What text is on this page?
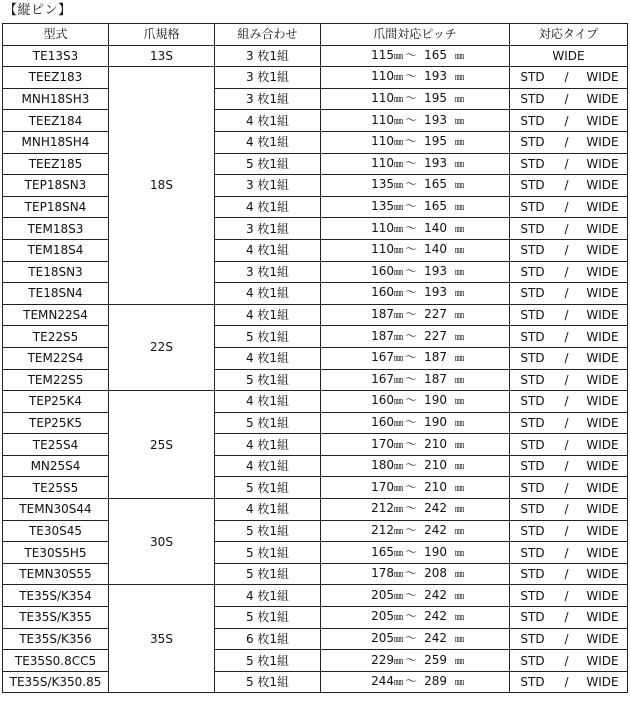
【縦ピン】
型式	爪規格	組み合わせ	爪間対応ピッチ	対応タイプ
TE13S3	13S	3 枚1組	115㎜ ～ 165 ㎜	WIDE
TEEZ183	18S	3 枚1組	110㎜ ～ 193 ㎜	STD / WIDE
MNH18SH3		3 枚1組	110㎜ ～ 195 ㎜	STD / WIDE
TEEZ184		4 枚1組	110㎜ ～ 193 ㎜	STD / WIDE
MNH18SH4		4 枚1組	110㎜ ～ 195 ㎜	STD / WIDE
TEEZ185		5 枚1組	110㎜ ～ 193 ㎜	STD / WIDE
TEP18SN3		3 枚1組	135㎜ ～ 165 ㎜	STD / WIDE
TEP18SN4		4 枚1組	135㎜ ～ 165 ㎜	STD / WIDE
TEM18S3		3 枚1組	110㎜ ～ 140 ㎜	STD / WIDE
TEM18S4		4 枚1組	110㎜ ～ 140 ㎜	STD / WIDE
TE18SN3		3 枚1組	160㎜ ～ 193 ㎜	STD / WIDE
TE18SN4		4 枚1組	160㎜ ～ 193 ㎜	STD / WIDE
TEMN22S4	22S	4 枚1組	187㎜ ～ 227 ㎜	STD / WIDE
TE22S5		5 枚1組	187㎜ ～ 227 ㎜	STD / WIDE
TEM22S4		4 枚1組	167㎜ ～ 187 ㎜	STD / WIDE
TEM22S5		5 枚1組	167㎜ ～ 187 ㎜	STD / WIDE
TEP25K4	25S	4 枚1組	160㎜ ～ 190 ㎜	STD / WIDE
TEP25K5		5 枚1組	160㎜ ～ 190 ㎜	STD / WIDE
TE25S4		4 枚1組	170㎜ ～ 210 ㎜	STD / WIDE
MN25S4		4 枚1組	180㎜ ～ 210 ㎜	STD / WIDE
TE25S5		5 枚1組	170㎜ ～ 210 ㎜	STD / WIDE
TEMN30S44	30S	4 枚1組	212㎜ ～ 242 ㎜	STD / WIDE
TE30S45		5 枚1組	212㎜ ～ 242 ㎜	STD / WIDE
TE30S5H5		5 枚1組	165㎜ ～ 190 ㎜	STD / WIDE
TEMN30S55		5 枚1組	178㎜ ～ 208 ㎜	STD / WIDE
TE35S/K354	35S	4 枚1組	205㎜ ～ 242 ㎜	STD / WIDE
TE35S/K355		5 枚1組	205㎜ ～ 242 ㎜	STD / WIDE
TE35S/K356		6 枚1組	205㎜ ～ 242 ㎜	STD / WIDE
TE35S0.8CC5		5 枚1組	229㎜ ～ 259 ㎜	STD / WIDE
TE35S/K350.85		5 枚1組	244㎜ ～ 289 ㎜	STD / WIDE
